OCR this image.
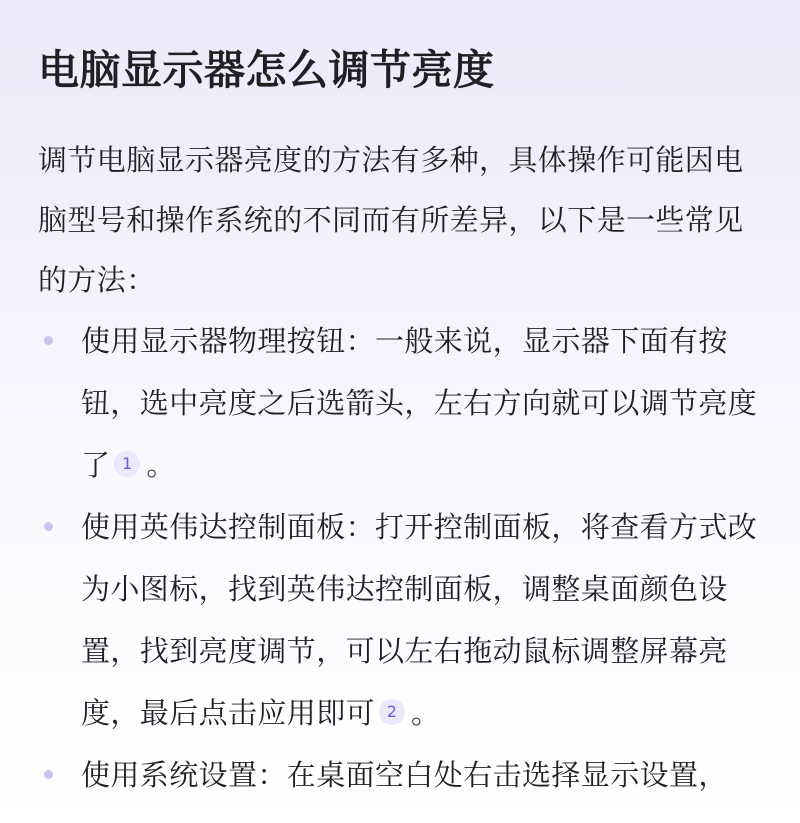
电脑显示器怎么调节亮度

调节电脑显示器亮度的方法有多种，具体操作可能因电脑型号和操作系统的不同而有所差异，以下是一些常见的方法：

使用显示器物理按钮：一般来说，显示器下面有按钮，选中亮度之后选箭头，左右方向就可以调节亮度了 1 。
使用英伟达控制面板：打开控制面板，将查看方式改为小图标，找到英伟达控制面板，调整桌面颜色设置，找到亮度调节，可以左右拖动鼠标调整屏幕亮度，最后点击应用即可 2 。
使用系统设置：在桌面空白处右击选择显示设置，
